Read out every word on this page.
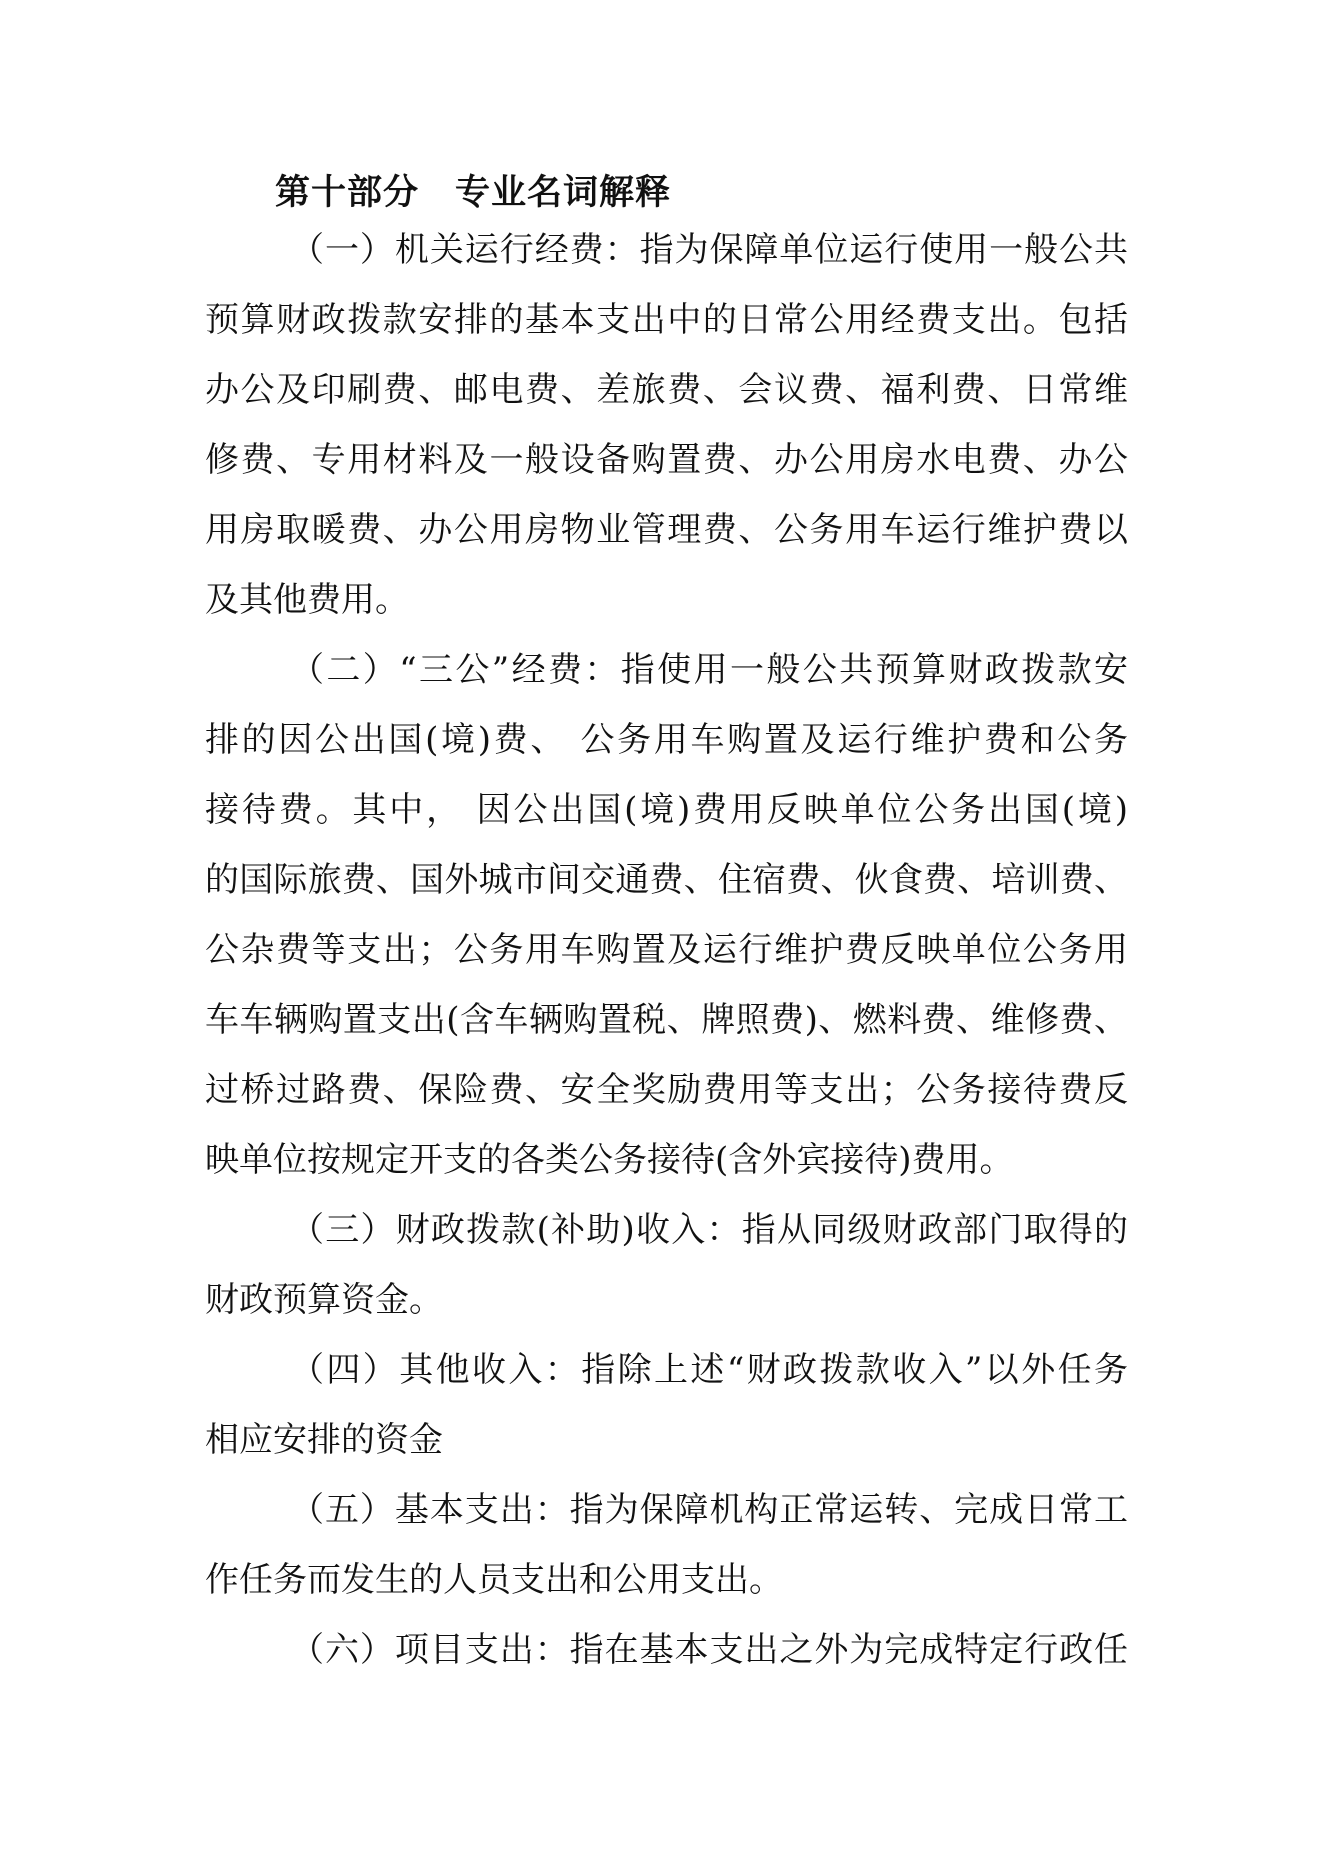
第十部分　专业名词解释
（一）机关运行经费：指为保障单位运行使用一般公共
预算财政拨款安排的基本支出中的日常公用经费支出。包括
办公及印刷费、邮电费、差旅费、会议费、福利费、日常维
修费、专用材料及一般设备购置费、办公用房水电费、办公
用房取暖费、办公用房物业管理费、公务用车运行维护费以
及其他费用。
（二）“三公”经费：指使用一般公共预算财政拨款安
排的因公出国(境)费、 公务用车购置及运行维护费和公务
接待费。其中， 因公出国(境)费用反映单位公务出国(境)
的国际旅费、国外城市间交通费、住宿费、伙食费、培训费、
公杂费等支出；公务用车购置及运行维护费反映单位公务用
车车辆购置支出(含车辆购置税、牌照费)、燃料费、维修费、
过桥过路费、保险费、安全奖励费用等支出；公务接待费反
映单位按规定开支的各类公务接待(含外宾接待)费用。
（三）财政拨款(补助)收入：指从同级财政部门取得的
财政预算资金。
（四）其他收入：指除上述“财政拨款收入”以外任务
相应安排的资金
（五）基本支出：指为保障机构正常运转、完成日常工
作任务而发生的人员支出和公用支出。
（六）项目支出：指在基本支出之外为完成特定行政任
